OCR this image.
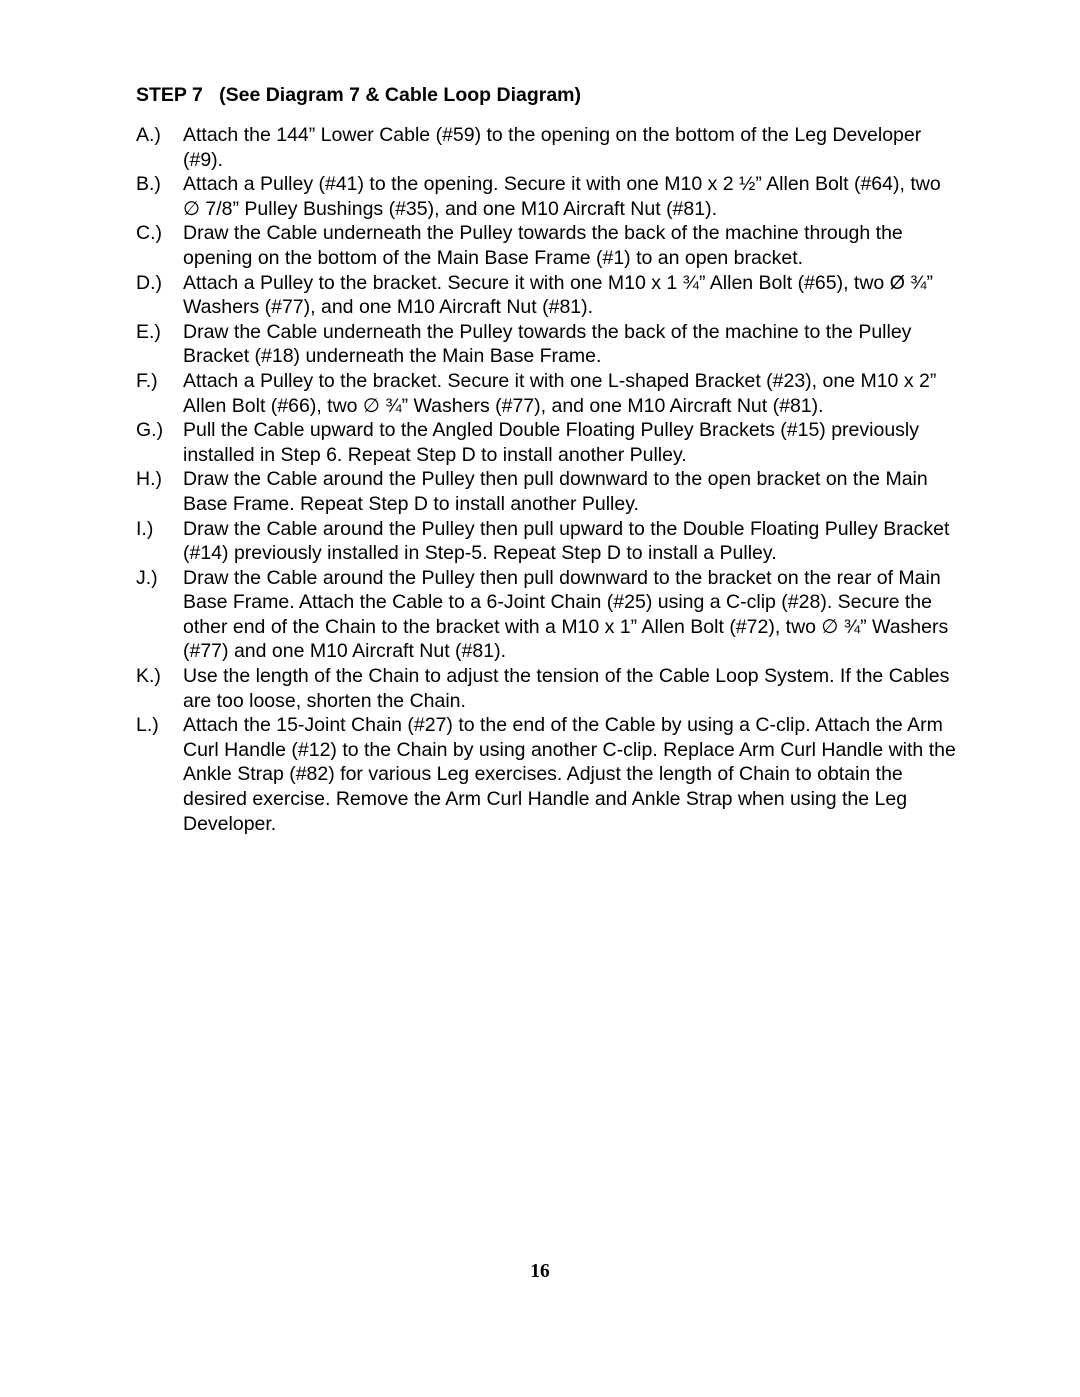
STEP 7   (See Diagram 7 & Cable Loop Diagram)
A.)	Attach the 144” Lower Cable (#59) to the opening on the bottom of the Leg Developer (#9).
B.)	Attach a Pulley (#41) to the opening. Secure it with one M10 x 2 ½” Allen Bolt (#64), two ∅ 7/8” Pulley Bushings (#35), and one M10 Aircraft Nut (#81).
C.)	Draw the Cable underneath the Pulley towards the back of the machine through the opening on the bottom of the Main Base Frame (#1) to an open bracket.
D.)	Attach a Pulley to the bracket. Secure it with one M10 x 1 ¾” Allen Bolt (#65), two Ø ¾” Washers (#77), and one M10 Aircraft Nut (#81).
E.)	Draw the Cable underneath the Pulley towards the back of the machine to the Pulley Bracket (#18) underneath the Main Base Frame.
F.)	Attach a Pulley to the bracket. Secure it with one L-shaped Bracket (#23), one M10 x 2” Allen Bolt (#66), two ∅ ¾” Washers (#77), and one M10 Aircraft Nut (#81).
G.)	Pull the Cable upward to the Angled Double Floating Pulley Brackets (#15) previously installed in Step 6. Repeat Step D to install another Pulley.
H.)	Draw the Cable around the Pulley then pull downward to the open bracket on the Main Base Frame. Repeat Step D to install another Pulley.
I.)	Draw the Cable around the Pulley then pull upward to the Double Floating Pulley Bracket (#14) previously installed in Step-5. Repeat Step D to install a Pulley.
J.)	Draw the Cable around the Pulley then pull downward to the bracket on the rear of Main Base Frame. Attach the Cable to a 6-Joint Chain (#25) using a C-clip (#28). Secure the other end of the Chain to the bracket with a M10 x 1” Allen Bolt (#72), two ∅ ¾” Washers (#77) and one M10 Aircraft Nut (#81).
K.)	Use the length of the Chain to adjust the tension of the Cable Loop System. If the Cables are too loose, shorten the Chain.
L.)	Attach the 15-Joint Chain (#27) to the end of the Cable by using a C-clip. Attach the Arm Curl Handle (#12) to the Chain by using another C-clip. Replace Arm Curl Handle with the Ankle Strap (#82) for various Leg exercises. Adjust the length of Chain to obtain the desired exercise. Remove the Arm Curl Handle and Ankle Strap when using the Leg Developer.
16
